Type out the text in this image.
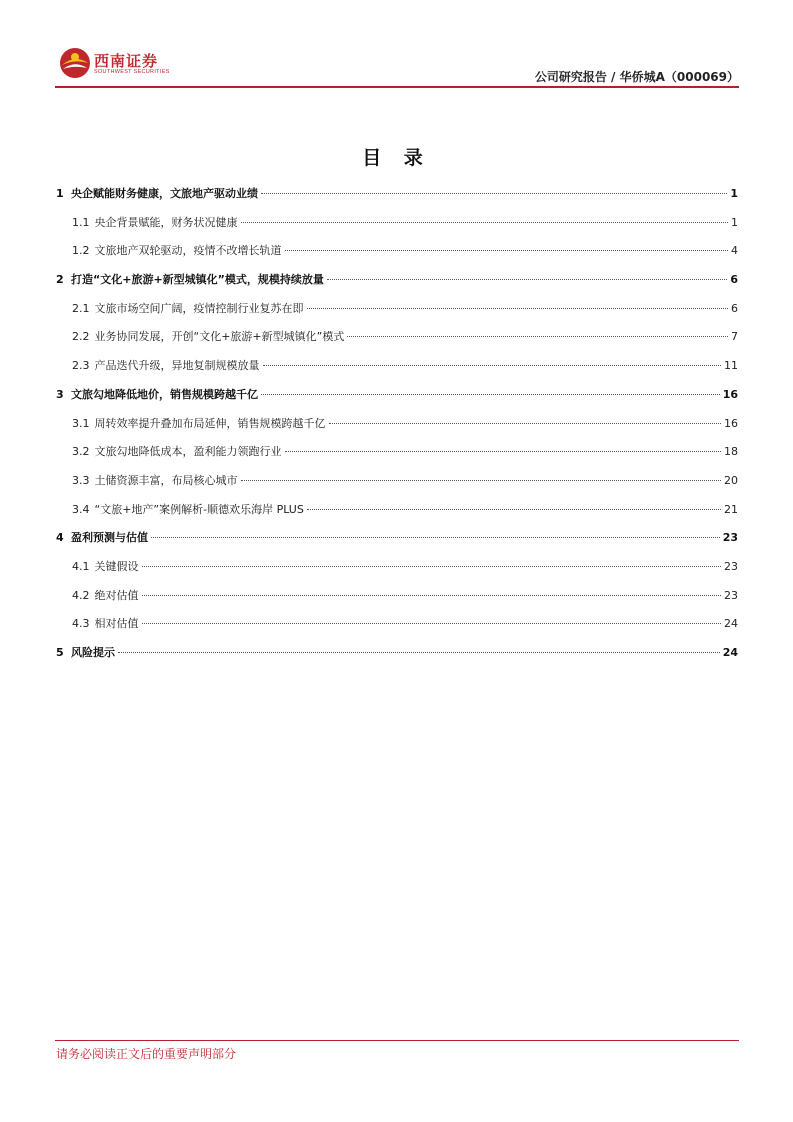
西南证券
SOUTHWEST SECURITIES	公司研究报告 / 华侨城A（000069）
目 录
1 央企赋能财务健康，文旅地产驱动业绩	1
1.1 央企背景赋能，财务状况健康	1
1.2 文旅地产双轮驱动，疫情不改增长轨道	4
2 打造“文化+旅游+新型城镇化”模式，规模持续放量	6
2.1 文旅市场空间广阔，疫情控制行业复苏在即	6
2.2 业务协同发展，开创“文化+旅游+新型城镇化”模式	7
2.3 产品迭代升级，异地复制规模放量	11
3 文旅勾地降低地价，销售规模跨越千亿	16
3.1 周转效率提升叠加布局延伸，销售规模跨越千亿	16
3.2 文旅勾地降低成本，盈利能力领跑行业	18
3.3 土储资源丰富，布局核心城市	20
3.4 “文旅+地产”案例解析-顺德欢乐海岸 PLUS	21
4 盈利预测与估值	23
4.1 关键假设	23
4.2 绝对估值	23
4.3 相对估值	24
5 风险提示	24
请务必阅读正文后的重要声明部分
